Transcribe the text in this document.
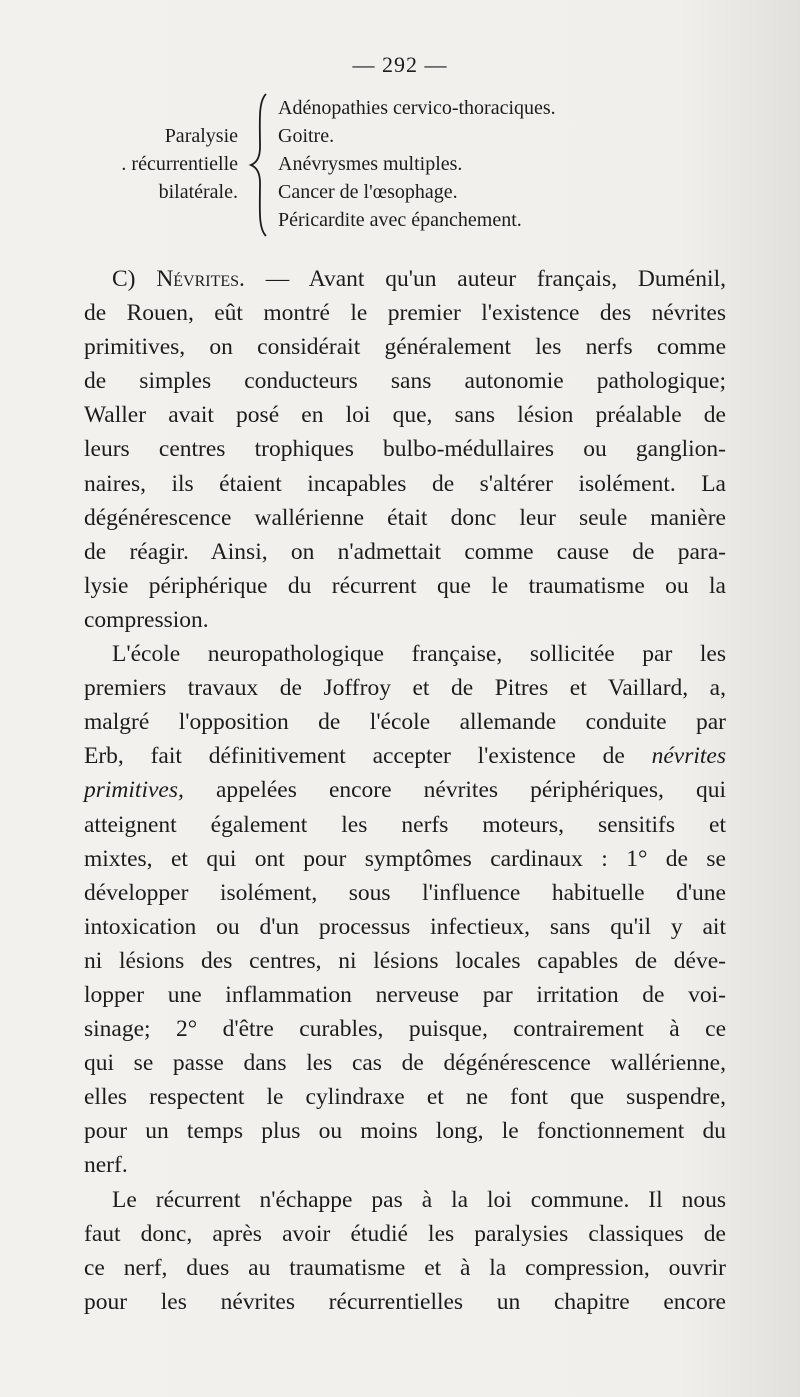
— 292 —
Paralysie
. récurrentielle
bilatérale.
Adénopathies cervico-thoraciques.
Goitre.
Anévrysmes multiples.
Cancer de l'œsophage.
Péricardite avec épanchement.
C) Névrites. — Avant qu'un auteur français, Duménil,
de Rouen, eût montré le premier l'existence des névrites
primitives, on considérait généralement les nerfs comme
de simples conducteurs sans autonomie pathologique;
Waller avait posé en loi que, sans lésion préalable de
leurs centres trophiques bulbo-médullaires ou ganglion-
naires, ils étaient incapables de s'altérer isolément. La
dégénérescence wallérienne était donc leur seule manière
de réagir. Ainsi, on n'admettait comme cause de para-
lysie périphérique du récurrent que le traumatisme ou la
compression.
L'école neuropathologique française, sollicitée par les
premiers travaux de Joffroy et de Pitres et Vaillard, a,
malgré l'opposition de l'école allemande conduite par
Erb, fait définitivement accepter l'existence de névrites
primitives, appelées encore névrites périphériques, qui
atteignent également les nerfs moteurs, sensitifs et
mixtes, et qui ont pour symptômes cardinaux : 1° de se
développer isolément, sous l'influence habituelle d'une
intoxication ou d'un processus infectieux, sans qu'il y ait
ni lésions des centres, ni lésions locales capables de déve-
lopper une inflammation nerveuse par irritation de voi-
sinage; 2° d'être curables, puisque, contrairement à ce
qui se passe dans les cas de dégénérescence wallérienne,
elles respectent le cylindraxe et ne font que suspendre,
pour un temps plus ou moins long, le fonctionnement du
nerf.
Le récurrent n'échappe pas à la loi commune. Il nous
faut donc, après avoir étudié les paralysies classiques de
ce nerf, dues au traumatisme et à la compression, ouvrir
pour les névrites récurrentielles un chapitre encore
